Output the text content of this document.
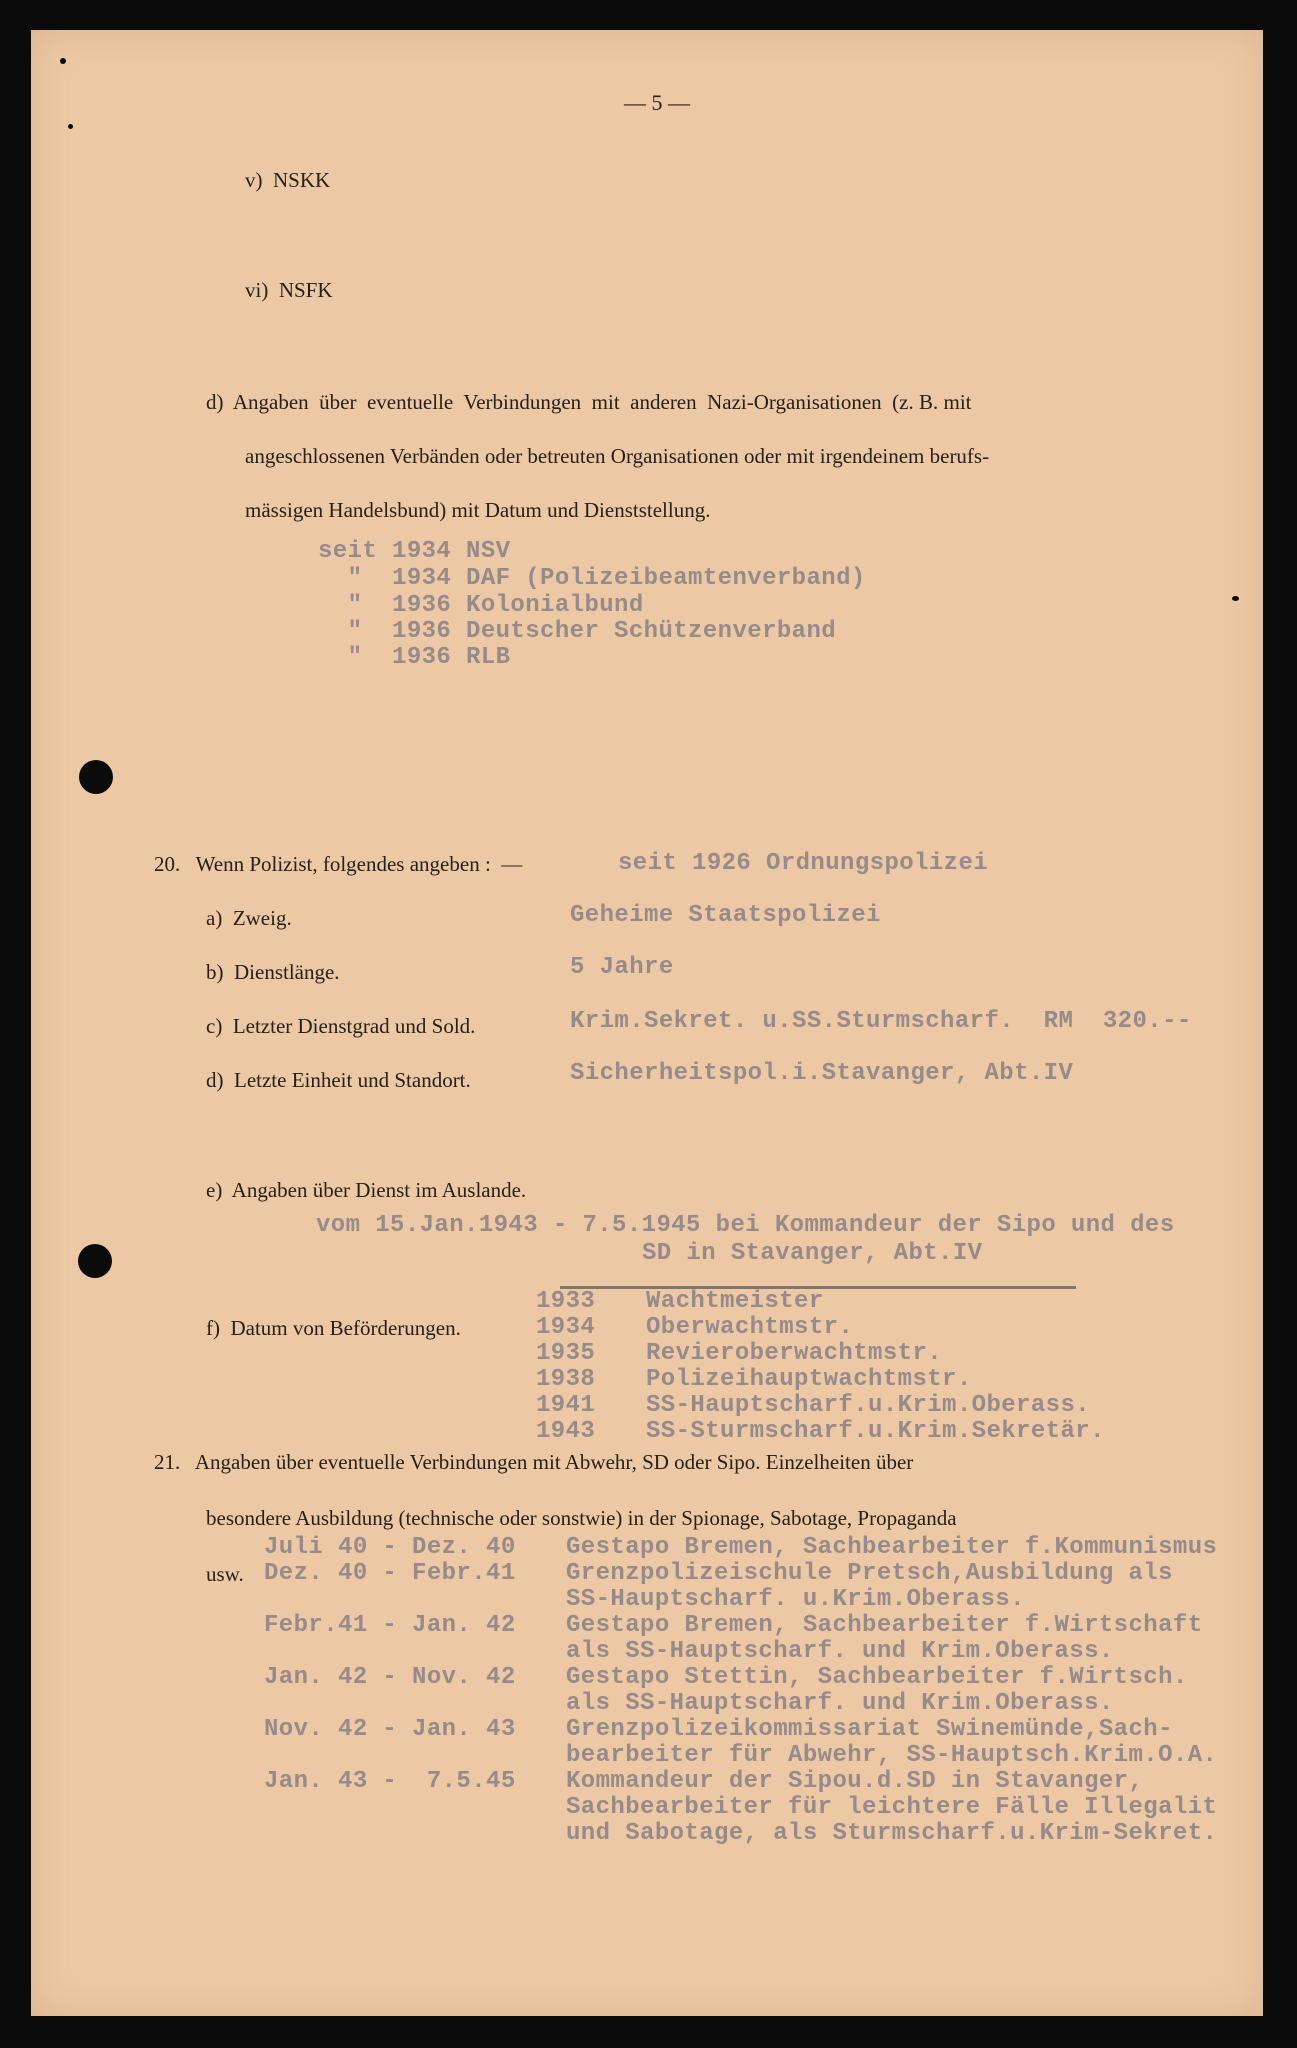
— 5 —
v)  NSKK
vi)  NSFK
d)  Angaben  über  eventuelle  Verbindungen  mit  anderen  Nazi-Organisationen  (z. B. mit
angeschlossenen Verbänden oder betreuten Organisationen oder mit irgendeinem berufs-
mässigen Handelsbund) mit Datum und Dienststellung.
seit 1934 NSV
"  1934 DAF (Polizeibeamtenverband)
"  1936 Kolonialbund
"  1936 Deutscher Schützenverband
"  1936 RLB
20.   Wenn Polizist, folgendes angeben :  —	seit 1926 Ordnungspolizei
a)  Zweig.	Geheime Staatspolizei
b)  Dienstlänge.	5 Jahre
c)  Letzter Dienstgrad und Sold.	Krim.Sekret. u.SS.Sturmscharf.  RM  320.--
d)  Letzte Einheit und Standort.	Sicherheitspol.i.Stavanger, Abt.IV
e)  Angaben über Dienst im Auslande.
vom 15.Jan.1943 - 7.5.1945 bei Kommandeur der Sipo und des
SD in Stavanger, Abt.IV
f)  Datum von Beförderungen.
1933 Wachtmeister
1934 Oberwachtmstr.
1935 Revieroberwachtmstr.
1938 Polizeihauptwachtmstr.
1941 SS-Hauptscharf.u.Krim.Oberass.
1943 SS-Sturmscharf.u.Krim.Sekretär.
21.   Angaben über eventuelle Verbindungen mit Abwehr, SD oder Sipo. Einzelheiten über
besondere Ausbildung (technische oder sonstwie) in der Spionage, Sabotage, Propaganda
usw.
Juli 40 - Dez. 40 Gestapo Bremen, Sachbearbeiter f.Kommunismus
Dez. 40 - Febr.41 Grenzpolizeischule Pretsch,Ausbildung als
SS-Hauptscharf. u.Krim.Oberass.
Febr.41 - Jan. 42 Gestapo Bremen, Sachbearbeiter f.Wirtschaft
als SS-Hauptscharf. und Krim.Oberass.
Jan. 42 - Nov. 42 Gestapo Stettin, Sachbearbeiter f.Wirtsch.
als SS-Hauptscharf. und Krim.Oberass.
Nov. 42 - Jan. 43 Grenzpolizeikommissariat Swinemünde,Sach-
bearbeiter für Abwehr, SS-Hauptsch.Krim.O.A.
Jan. 43 -  7.5.45 Kommandeur der Sipou.d.SD in Stavanger,
Sachbearbeiter für leichtere Fälle Illegalit
und Sabotage, als Sturmscharf.u.Krim-Sekret.
